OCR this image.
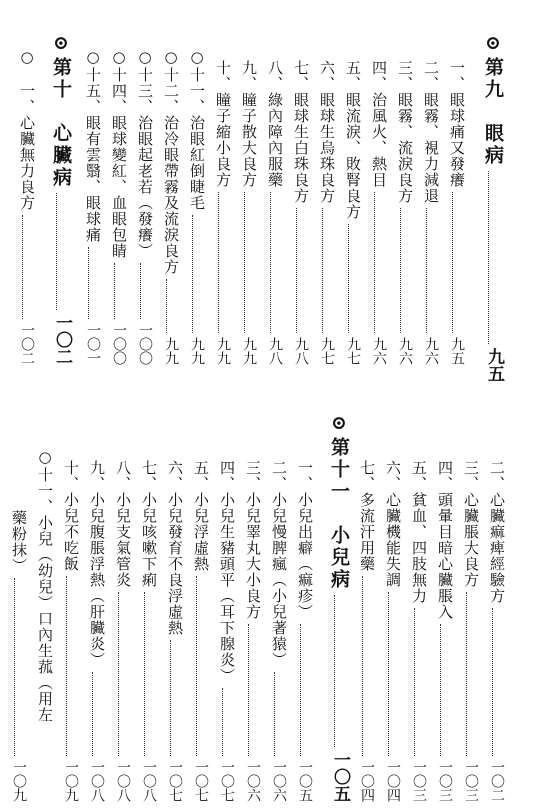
⊙第九　眼病
九五
一、眼球痛又發癢
九五
二、眼霧、視力減退
九六
三、眼霧、流淚良方
九六
四、治風火、熱目
九六
五、眼流淚、敗腎良方
九七
六、眼球生烏珠良方
九七
七、眼球生白珠良方
九八
八、綠內障內服藥
九八
九、瞳子散大良方
九九
十、瞳子縮小良方
九九
○十一、治眼紅倒睫毛
九九
○十二、治冷眼帶霧及流淚良方
九九
○十三、治眼起老若（發癢）
一〇〇
○十四、眼球變紅、血眼包睛
一〇〇
○十五、眼有雲翳、眼球痛
一〇一
⊙第十　心臟病
一〇二
○　一、心臟無力良方
一〇二
二、心臟痲痺經驗方
一〇二
三、心臟脹大良方
一〇三
四、頭暈目暗心臟脹入
一〇三
五、貧血、四肢無力
一〇三
六、心臟機能失調
一〇四
七、多流汗用藥
一〇四
⊙第十一　小兒病
一〇五
一、小兒出癖（痲疹）
一〇五
二、小兒慢脾瘋（小兒著猿）
一〇六
三、小兒睪丸大小良方
一〇六
四、小兒生豬頭平（耳下腺炎）
一〇七
五、小兒浮虛熱
一〇七
六、小兒發育不良浮虛熱
一〇七
七、小兒咳嗽下痢
一〇八
八、小兒支氣管炎
一〇八
九、小兒腹脹浮熱（肝臟炎）
一〇八
十、小兒不吃飯
一〇九
○十一、小兒（幼兒）口內生菰（用左
藥粉抹）
一〇九
